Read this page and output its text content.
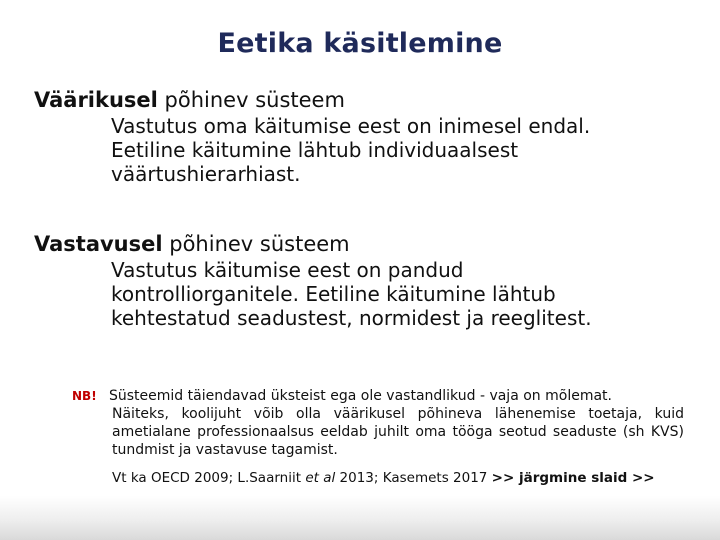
Eetika käsitlemine
Väärikusel põhinev süsteem
Vastutus oma käitumise eest on inimesel endal.
Eetiline käitumine lähtub individuaalsest
väärtushierarhiast.
Vastavusel põhinev süsteem
Vastutus käitumise eest on pandud
kontrolliorganitele. Eetiline käitumine lähtub
kehtestatud seadustest, normidest ja reeglitest.
NB! Süsteemid täiendavad üksteist ega ole vastandlikud - vaja on mõlemat.
Näiteks, koolijuht võib olla väärikusel põhineva lähenemise toetaja, kuid ametialane professionaalsus eeldab juhilt oma tööga seotud seaduste (sh KVS) tundmist ja vastavuse tagamist.
Vt ka OECD 2009; L.Saarniit et al 2013; Kasemets 2017 >> järgmine slaid >>
